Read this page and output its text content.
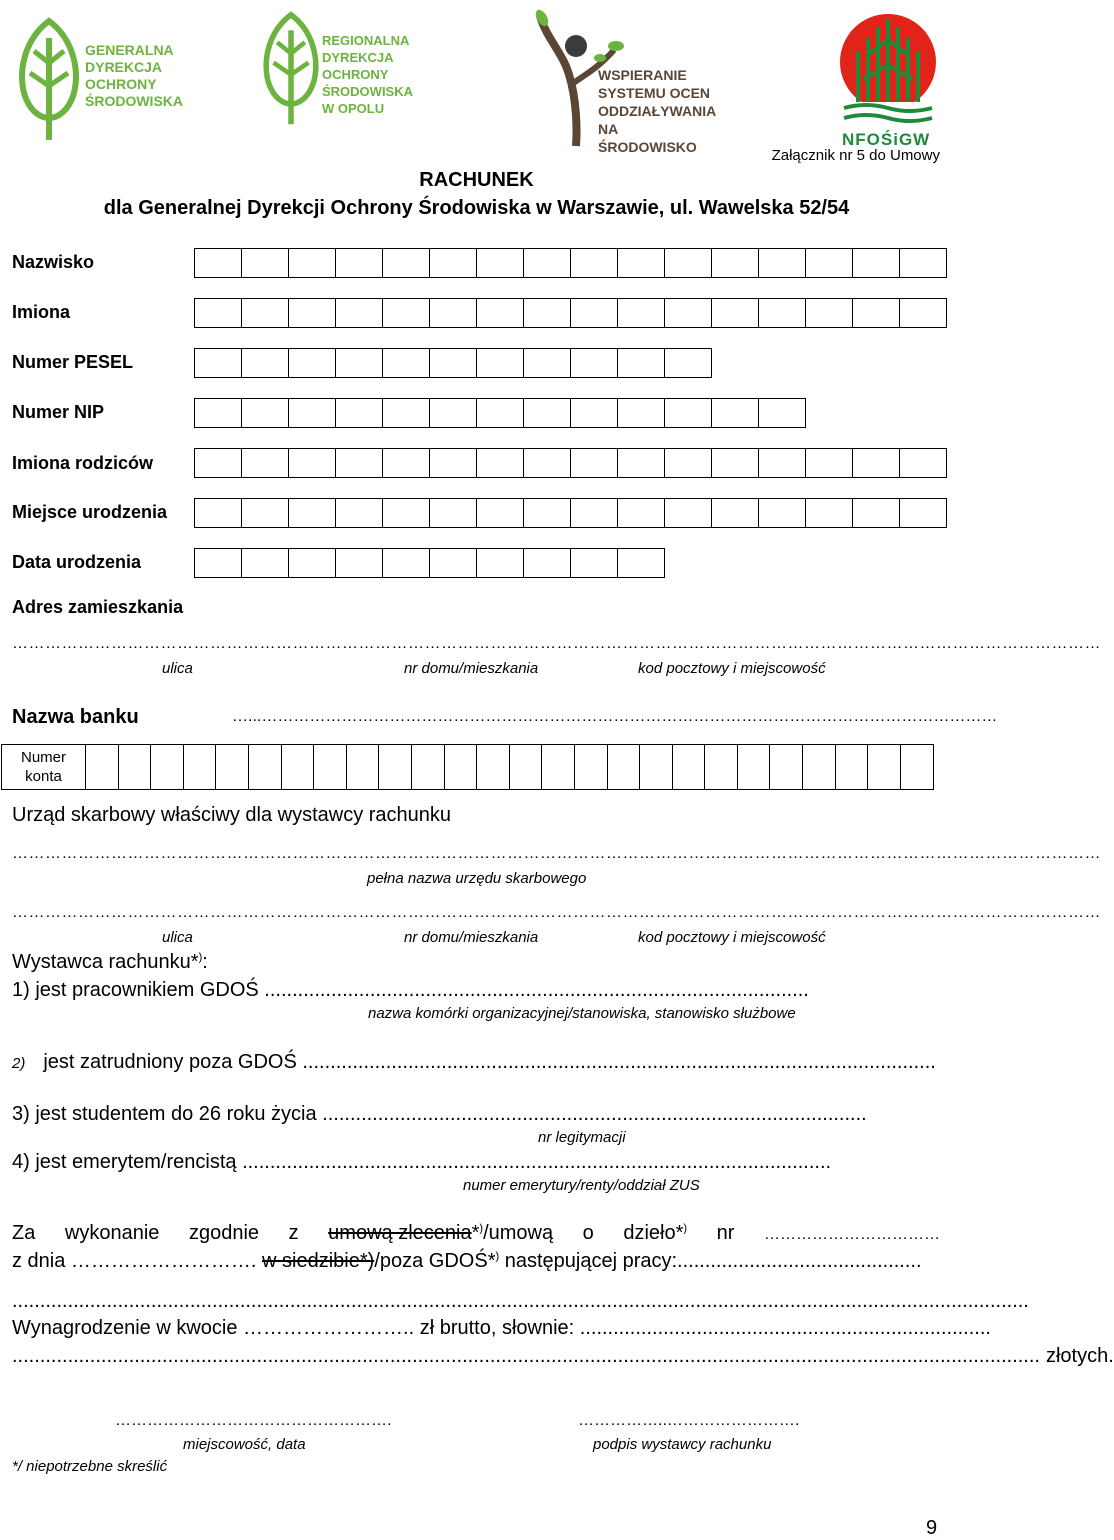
GENERALNA
DYREKCJA
OCHRONY
ŚRODOWISKA
REGIONALNA
DYREKCJA
OCHRONY
ŚRODOWISKA
W OPOLU
WSPIERANIE
SYSTEMU OCEN
ODDZIAŁYWANIA
NA ŚRODOWISKO	NFOŚiGW
Załącznik nr 5 do Umowy
RACHUNEK
dla Generalnej Dyrekcji Ochrony Środowiska w Warszawie, ul. Wawelska 52/54
Nazwisko
Imiona
Numer PESEL
Numer NIP
Imiona rodziców
Miejsce urodzenia
Data urodzenia
Adres zamieszkania
………………………………………………………………………………………………………………………………………………………………………………
ulica	nr domu/mieszkania	kod pocztowy i miejscowość
Nazwa banku	…...…………………………………………………………………………………………………………………………
Numer
konta
Urząd skarbowy właściwy dla wystawcy rachunku
………………………………………………………………………………………………………………………………………………………………………………
pełna nazwa urzędu skarbowego
………………………………………………………………………………………………………………………………………………………………………………
ulica	nr domu/mieszkania	kod pocztowy i miejscowość
Wystawca rachunku*):
1) jest pracownikiem GDOŚ ..................................................................................................
nazwa komórki organizacyjnej/stanowiska, stanowisko służbowe
2) jest zatrudniony poza GDOŚ ..................................................................................................................
3) jest studentem do 26 roku życia ..................................................................................................
nr legitymacji
4) jest emerytem/rencistą ..........................................................................................................
numer emerytury/renty/oddział ZUS
Za wykonanie zgodnie z umową zlecenia*)/umową o dzieło*) nr ……………………………
z dnia ………………………. w siedzibie*)/poza GDOŚ*) następującej pracy:............................................
.......................................................................................................................................................................................
Wynagrodzenie w kwocie …………………….. zł brutto, słownie: ..........................................................................
......................................................................................................................................................................................... złotych.
…………………………………………….
miejscowość, data
……………..…………………….
podpis wystawcy rachunku
*/ niepotrzebne skreślić
9
